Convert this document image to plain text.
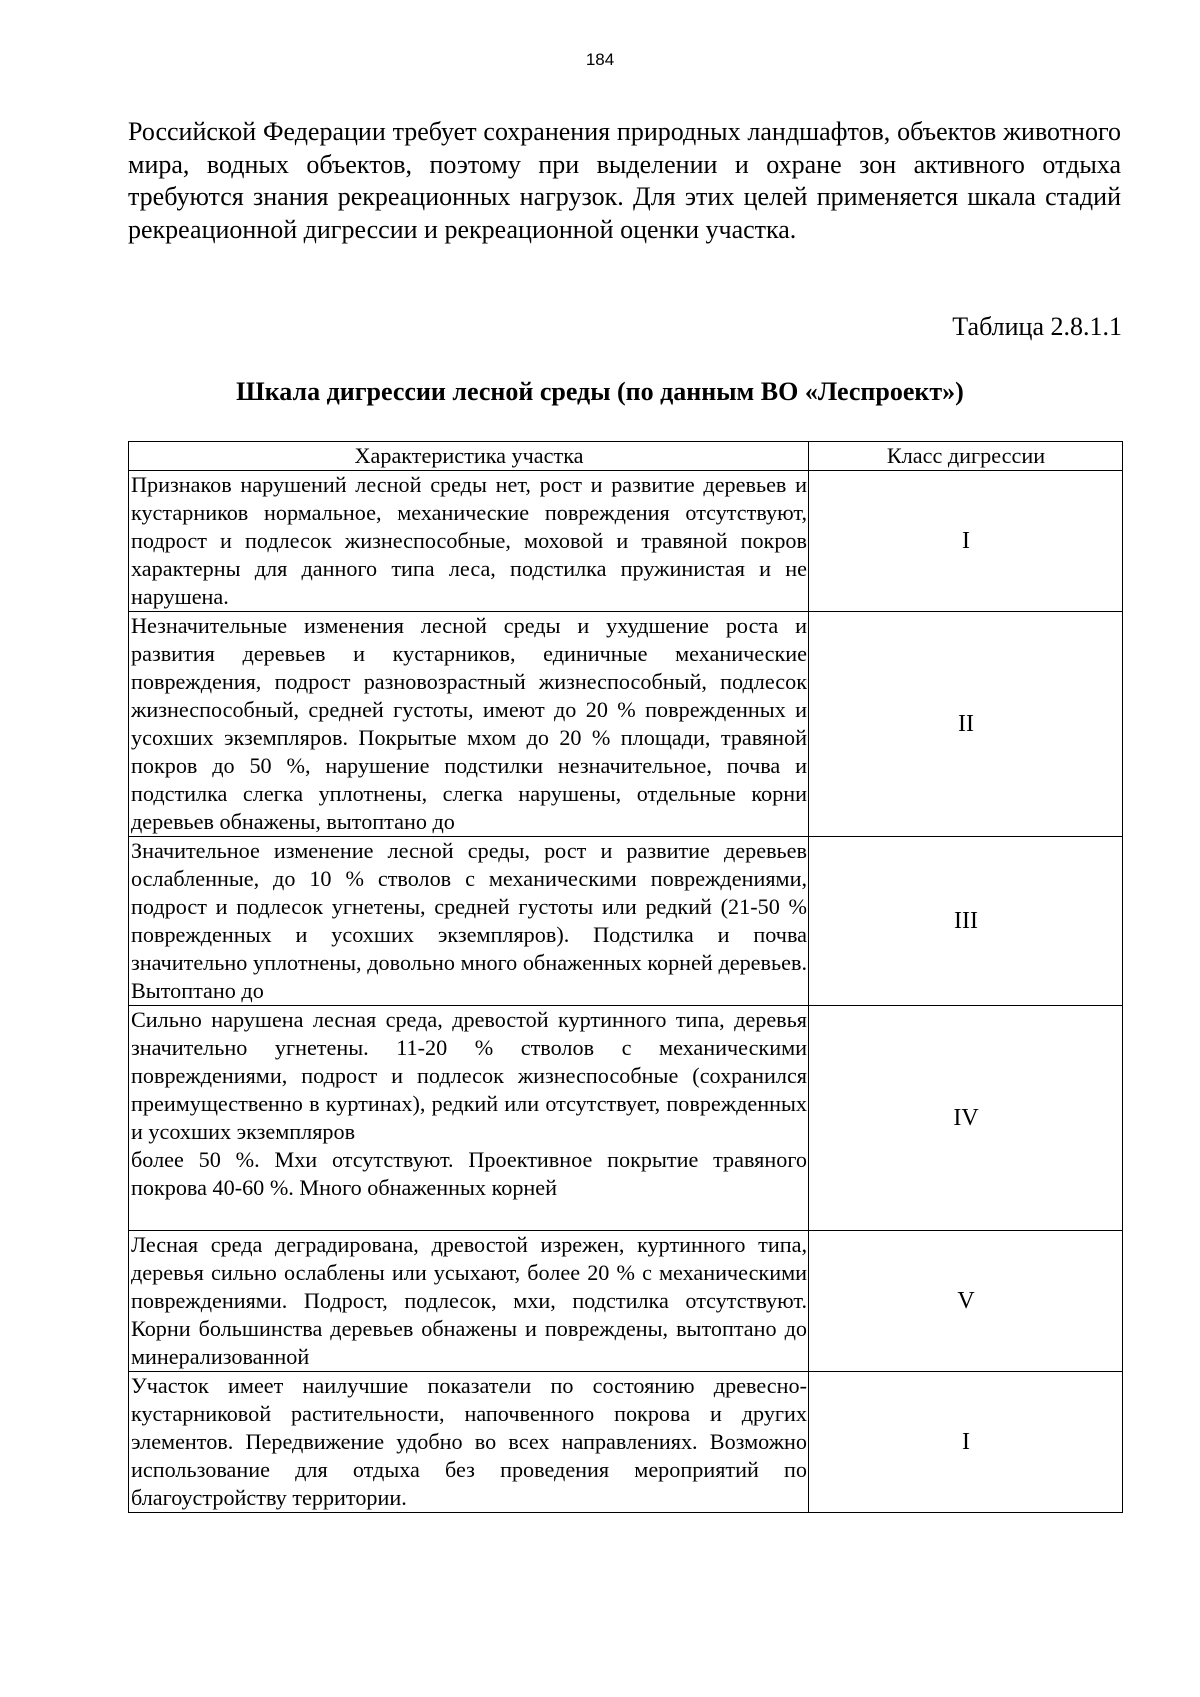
184

Российской Федерации требует сохранения природных ландшафтов, объектов животного мира, водных объектов, поэтому при выделении и охране зон активного отдыха требуются знания рекреационных нагрузок. Для этих целей применяется шкала стадий рекреационной дигрессии и рекреационной оценки участка.

Таблица 2.8.1.1
Шкала дигрессии лесной среды (по данным ВО «Леспроект»)
Характеристика участка	Класс дигрессии

Признаков нарушений лесной среды нет, рост и развитие деревьев и кустарников нормальное, механические повреждения отсутствуют, подрост и подлесок жизнеспособные, моховой и травяной покров характерны для данного типа леса, подстилка пружинистая и не нарушена.	I

Незначительные изменения лесной среды и ухудшение роста и развития деревьев и кустарников, единичные механические повреждения, подрост разновозрастный жизнеспособный, подлесок жизнеспособный, средней густоты, имеют до 20 % поврежденных и усохших экземпляров. Покрытые мхом до 20 % площади, травяной покров до 50 %, нарушение подстилки незначительное, почва и подстилка слегка уплотнены, слегка нарушены, отдельные корни деревьев обнажены, вытоптано до	II

Значительное изменение лесной среды, рост и развитие деревьев ослабленные, до 10 % стволов с механическими повреждениями, подрост и подлесок угнетены, средней густоты или редкий (21-50 % поврежденных и усохших экземпляров). Подстилка и почва значительно уплотнены, довольно много обнаженных корней деревьев. Вытоптано до	III

Сильно нарушена лесная среда, древостой куртинного типа, деревья значительно угнетены. 11-20 % стволов с механическими повреждениями, подрост и подлесок жизнеспособные (сохранился преимущественно в куртинах), редкий или отсутствует, поврежденных и усохших экземпляров
более 50 %. Мхи отсутствуют. Проективное покрытие травяного покрова 40-60 %. Много обнаженных корней	IV

Лесная среда деградирована, древостой изрежен, куртинного типа, деревья сильно ослаблены или усыхают, более 20 % с механическими повреждениями. Подрост, подлесок, мхи, подстилка отсутствуют. Корни большинства деревьев обнажены и повреждены, вытоптано до минерализованной	V

Участок имеет наилучшие показатели по состоянию древесно-кустарниковой растительности, напочвенного покрова и других элементов. Передвижение удобно во всех направлениях. Возможно использование для отдыха без проведения мероприятий по благоустройству территории.	I
